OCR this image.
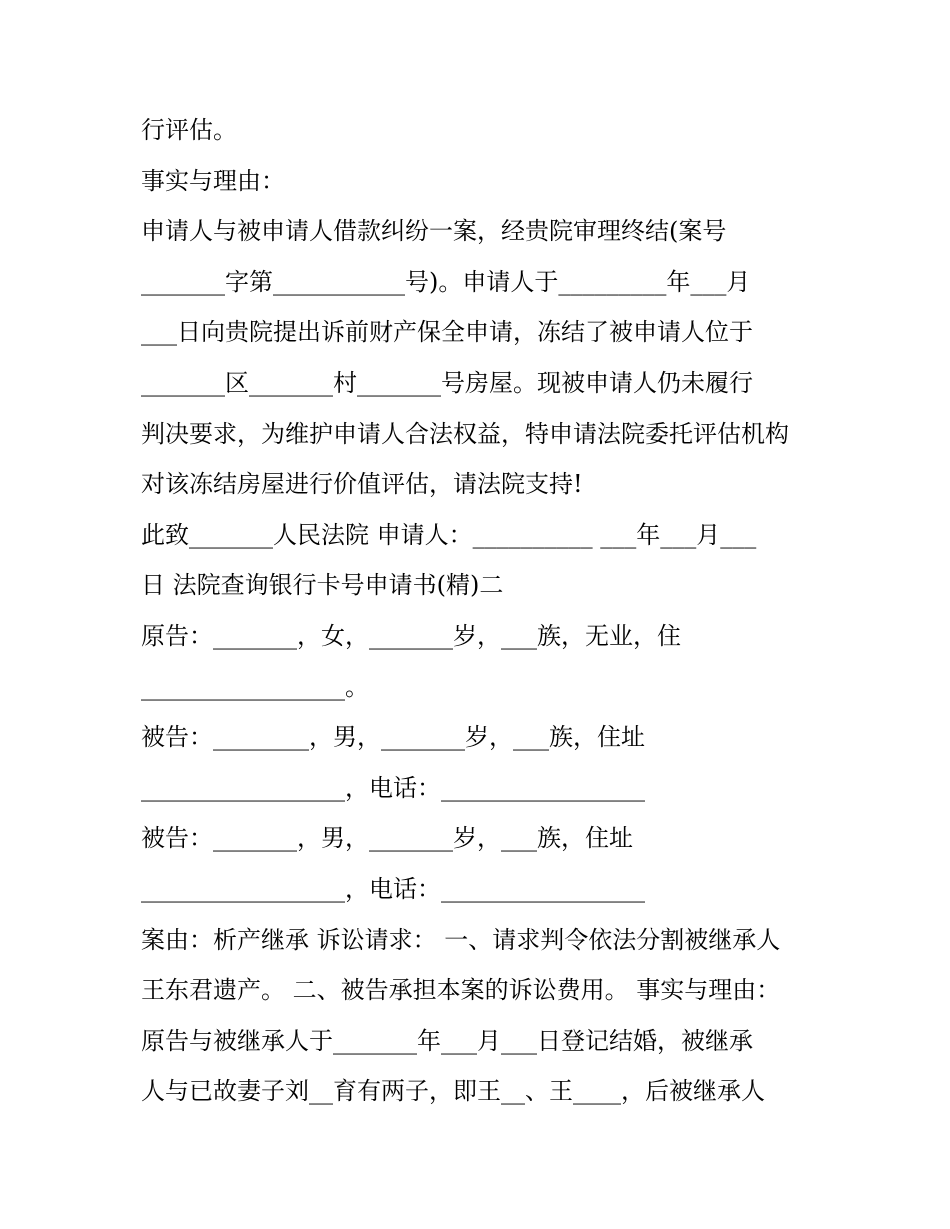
行评估。
事实与理由：
申请人与被申请人借款纠纷一案，经贵院审理终结(案号
_______字第___________号)。申请人于_________年___月
___日向贵院提出诉前财产保全申请，冻结了被申请人位于
_______区_______村_______号房屋。现被申请人仍未履行
判决要求，为维护申请人合法权益，特申请法院委托评估机构
对该冻结房屋进行价值评估，请法院支持!
此致_______人民法院 申请人：__________ ___年___月___
日 法院查询银行卡号申请书(精)二
原告：_______，女，_______岁，___族，无业，住
_________________。
被告：________，男，_______岁，___族，住址
_________________，电话：_________________
被告：_______，男，_______岁，___族，住址
_________________，电话：_________________
案由：析产继承 诉讼请求： 一、请求判令依法分割被继承人
王东君遗产。 二、被告承担本案的诉讼费用。 事实与理由：
原告与被继承人于_______年___月___日登记结婚，被继承
人与已故妻子刘__育有两子，即王__、王____，后被继承人
